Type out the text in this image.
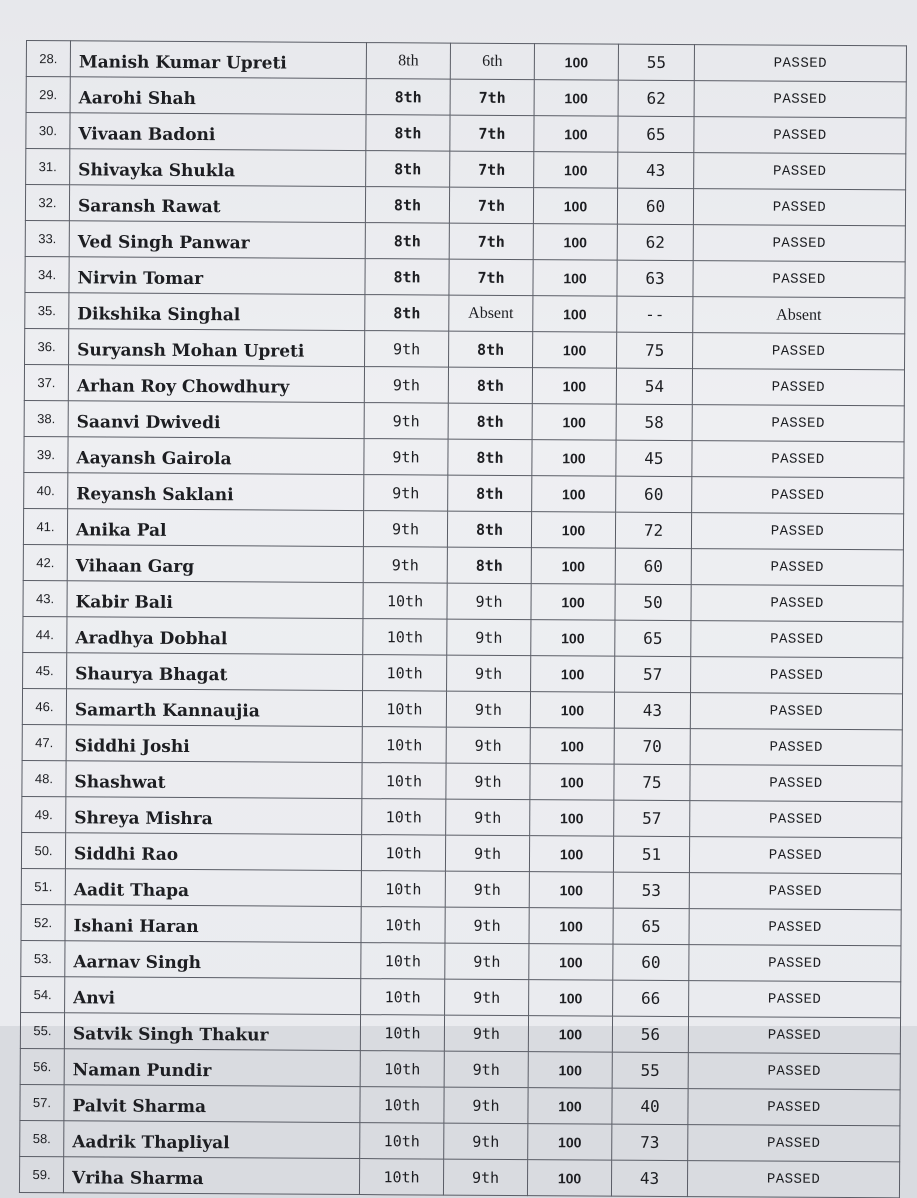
28.	Manish Kumar Upreti	8th	6th	100	55	PASSED
29.	Aarohi Shah	8th	7th	100	62	PASSED
30.	Vivaan Badoni	8th	7th	100	65	PASSED
31.	Shivayka Shukla	8th	7th	100	43	PASSED
32.	Saransh Rawat	8th	7th	100	60	PASSED
33.	Ved Singh Panwar	8th	7th	100	62	PASSED
34.	Nirvin Tomar	8th	7th	100	63	PASSED
35.	Dikshika Singhal	8th	Absent	100	--	Absent
36.	Suryansh Mohan Upreti	9th	8th	100	75	PASSED
37.	Arhan Roy Chowdhury	9th	8th	100	54	PASSED
38.	Saanvi Dwivedi	9th	8th	100	58	PASSED
39.	Aayansh Gairola	9th	8th	100	45	PASSED
40.	Reyansh Saklani	9th	8th	100	60	PASSED
41.	Anika Pal	9th	8th	100	72	PASSED
42.	Vihaan Garg	9th	8th	100	60	PASSED
43.	Kabir Bali	10th	9th	100	50	PASSED
44.	Aradhya Dobhal	10th	9th	100	65	PASSED
45.	Shaurya Bhagat	10th	9th	100	57	PASSED
46.	Samarth Kannaujia	10th	9th	100	43	PASSED
47.	Siddhi Joshi	10th	9th	100	70	PASSED
48.	Shashwat	10th	9th	100	75	PASSED
49.	Shreya Mishra	10th	9th	100	57	PASSED
50.	Siddhi Rao	10th	9th	100	51	PASSED
51.	Aadit Thapa	10th	9th	100	53	PASSED
52.	Ishani Haran	10th	9th	100	65	PASSED
53.	Aarnav Singh	10th	9th	100	60	PASSED
54.	Anvi	10th	9th	100	66	PASSED
55.	Satvik Singh Thakur	10th	9th	100	56	PASSED
56.	Naman Pundir	10th	9th	100	55	PASSED
57.	Palvit Sharma	10th	9th	100	40	PASSED
58.	Aadrik Thapliyal	10th	9th	100	73	PASSED
59.	Vriha Sharma	10th	9th	100	43	PASSED
